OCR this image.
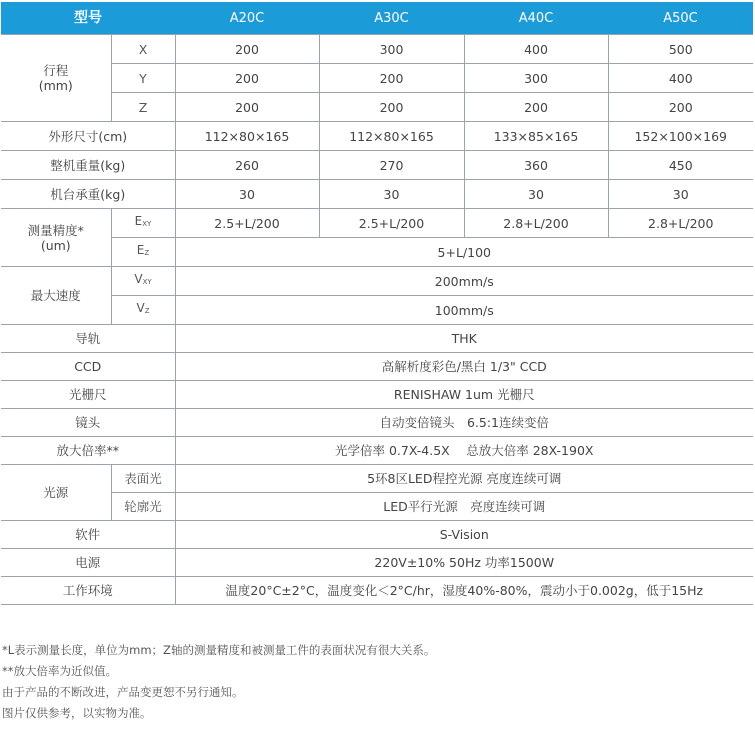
型号		A20C	A30C	A40C	A50C

行程
(mm)	X	200	300	400	500
	Y	200	200	300	400
	Z	200	200	200	200
外形尺寸(cm)		112×80×165	112×80×165	133×85×165	152×100×169
整机重量(kg)		260	270	360	450
机台承重(kg)		30	30	30	30

测量精度*
(um)	$E_{XY}$	2.5+L/200	2.5+L/200	2.8+L/200	2.8+L/200
	$E_Z$	5+L/100			
最大速度	$V_{XY}$	200mm/s			
	$V_Z$	100mm/s			
导轨		THK			
CCD		高解析度彩色/黑白 1/3" CCD			
光栅尺		RENISHAW 1um 光栅尺			
镜头		自动变倍镜头　6.5:1连续变倍			
放大倍率**		光学倍率 0.7X-4.5X　 总放大倍率 28X-190X			
光源	表面光	5环8区LED程控光源 亮度连续可调			
	轮廓光	LED平行光源　亮度连续可调			
软件		S-Vision			
电源		220V±10% 50Hz 功率1500W			
工作环境		温度20°C±2°C，温度变化＜2°C/hr，湿度40%-80%，震动小于0.002g，低于15Hz			

*L表示测量长度，单位为mm；Z轴的测量精度和被测量工件的表面状况有很大关系。

**放大倍率为近似值。

由于产品的不断改进，产品变更恕不另行通知。

图片仅供参考，以实物为准。
